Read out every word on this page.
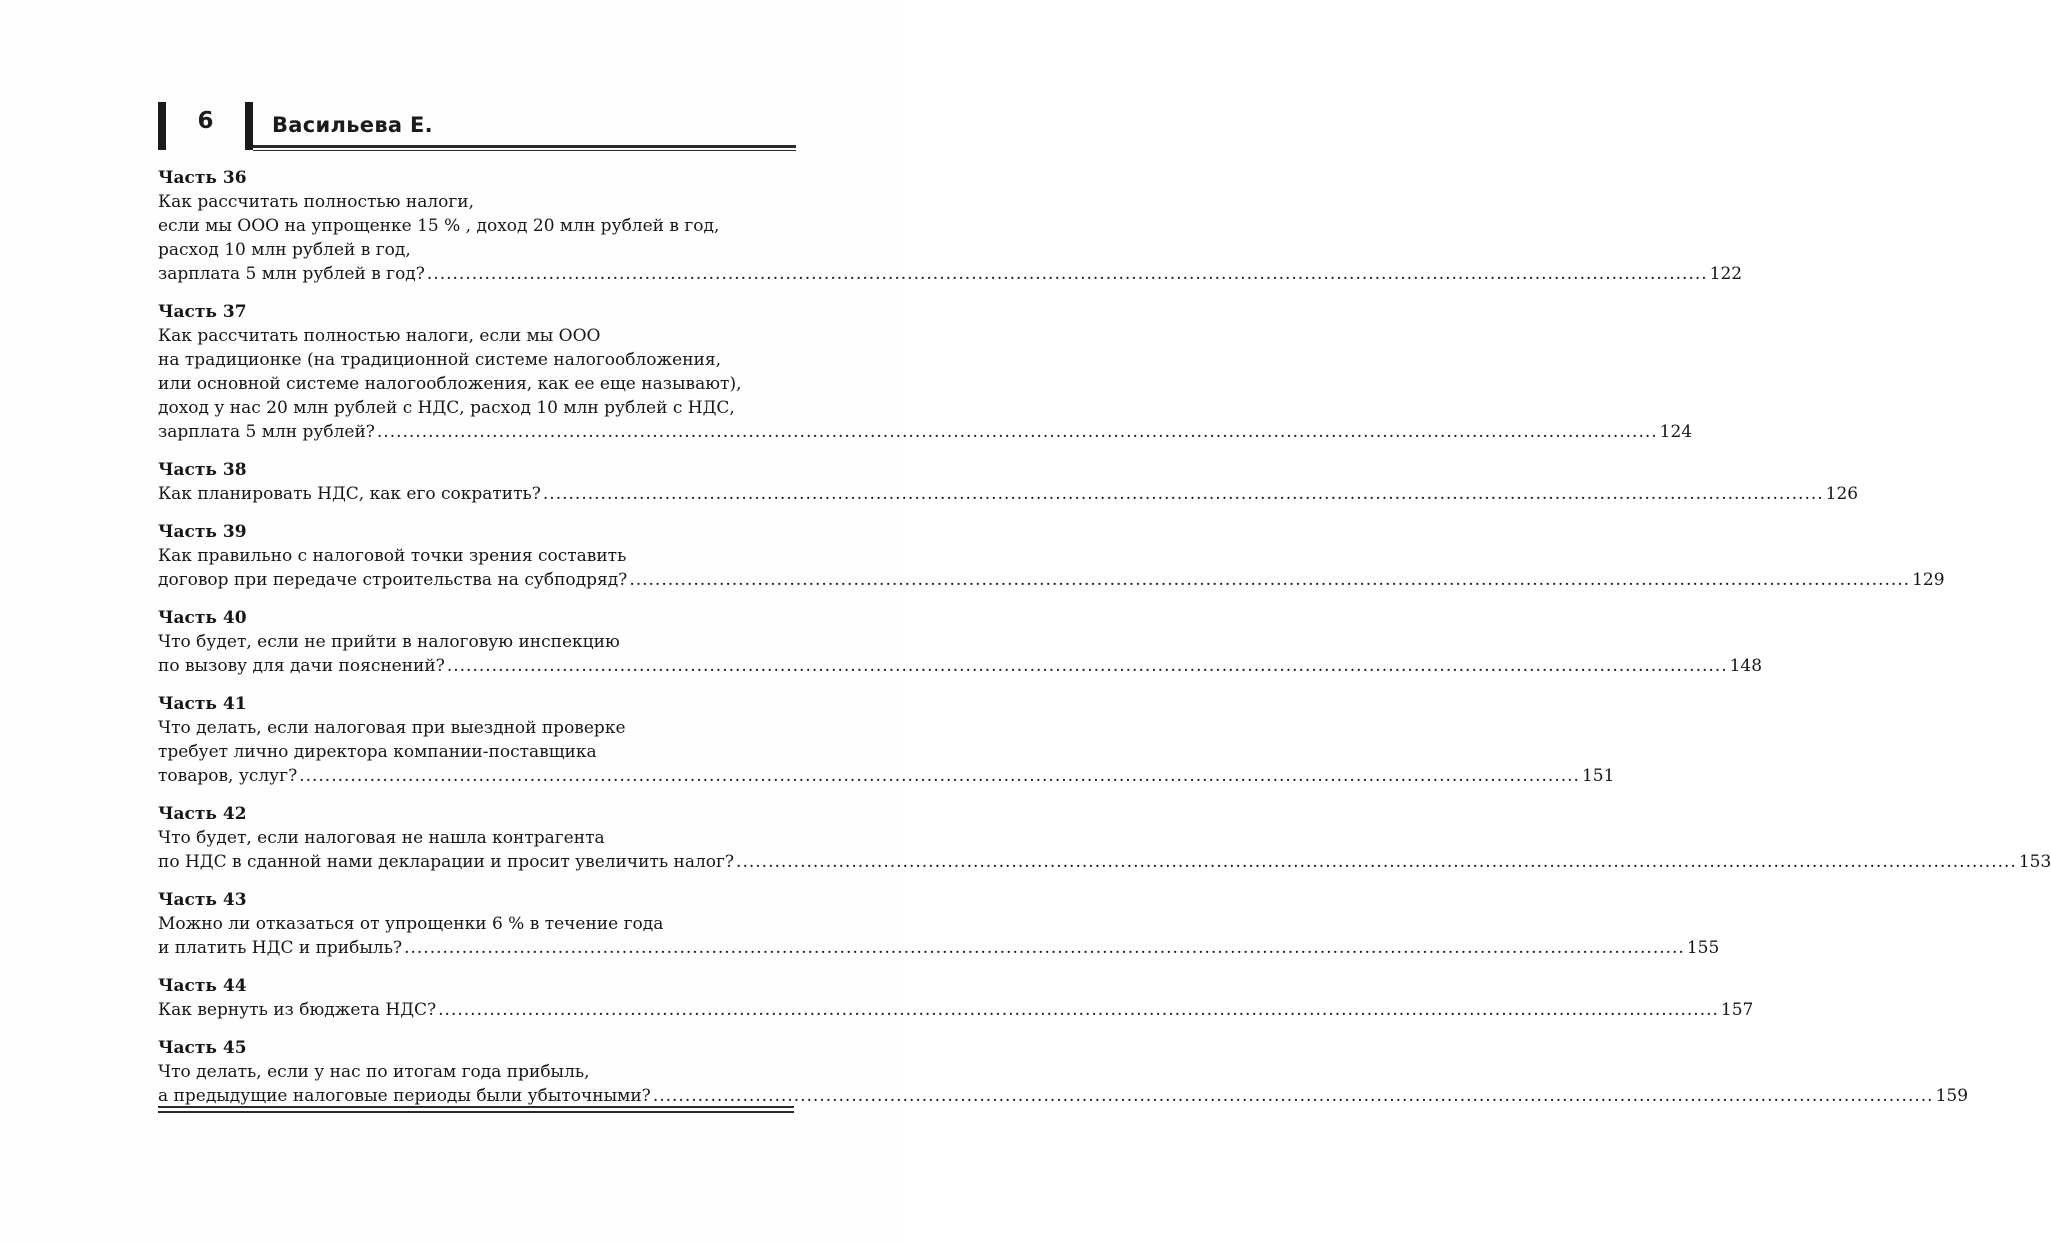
6	Васильева Е.
Часть 36
Как рассчитать полностью налоги,
если мы ООО на упрощенке 15 % , доход 20 млн рублей в год,
расход 10 млн рублей в год,
зарплата 5 млн рублей в год? ........................................................................................................................................................................................................ 122
Часть 37
Как рассчитать полностью налоги, если мы ООО
на традиционке (на традиционной системе налогообложения,
или основной системе налогообложения, как ее еще называют),
доход у нас 20 млн рублей с НДС, расход 10 млн рублей с НДС,
зарплата 5 млн рублей? ........................................................................................................................................................................................................ 124
Часть 38
Как планировать НДС, как его сократить? ........................................................................................................................................................................................................ 126
Часть 39
Как правильно с налоговой точки зрения составить
договор при передаче строительства на субподряд? ........................................................................................................................................................................................................ 129
Часть 40
Что будет, если не прийти в налоговую инспекцию
по вызову для дачи пояснений? ........................................................................................................................................................................................................ 148
Часть 41
Что делать, если налоговая при выездной проверке
требует лично директора компании-поставщика
товаров, услуг? ........................................................................................................................................................................................................ 151
Часть 42
Что будет, если налоговая не нашла контрагента
по НДС в сданной нами декларации и просит увеличить налог? ........................................................................................................................................................................................................ 153
Часть 43
Можно ли отказаться от упрощенки 6 % в течение года
и платить НДС и прибыль? ........................................................................................................................................................................................................ 155
Часть 44
Как вернуть из бюджета НДС? ........................................................................................................................................................................................................ 157
Часть 45
Что делать, если у нас по итогам года прибыль,
а предыдущие налоговые периоды были убыточными? ........................................................................................................................................................................................................ 159
